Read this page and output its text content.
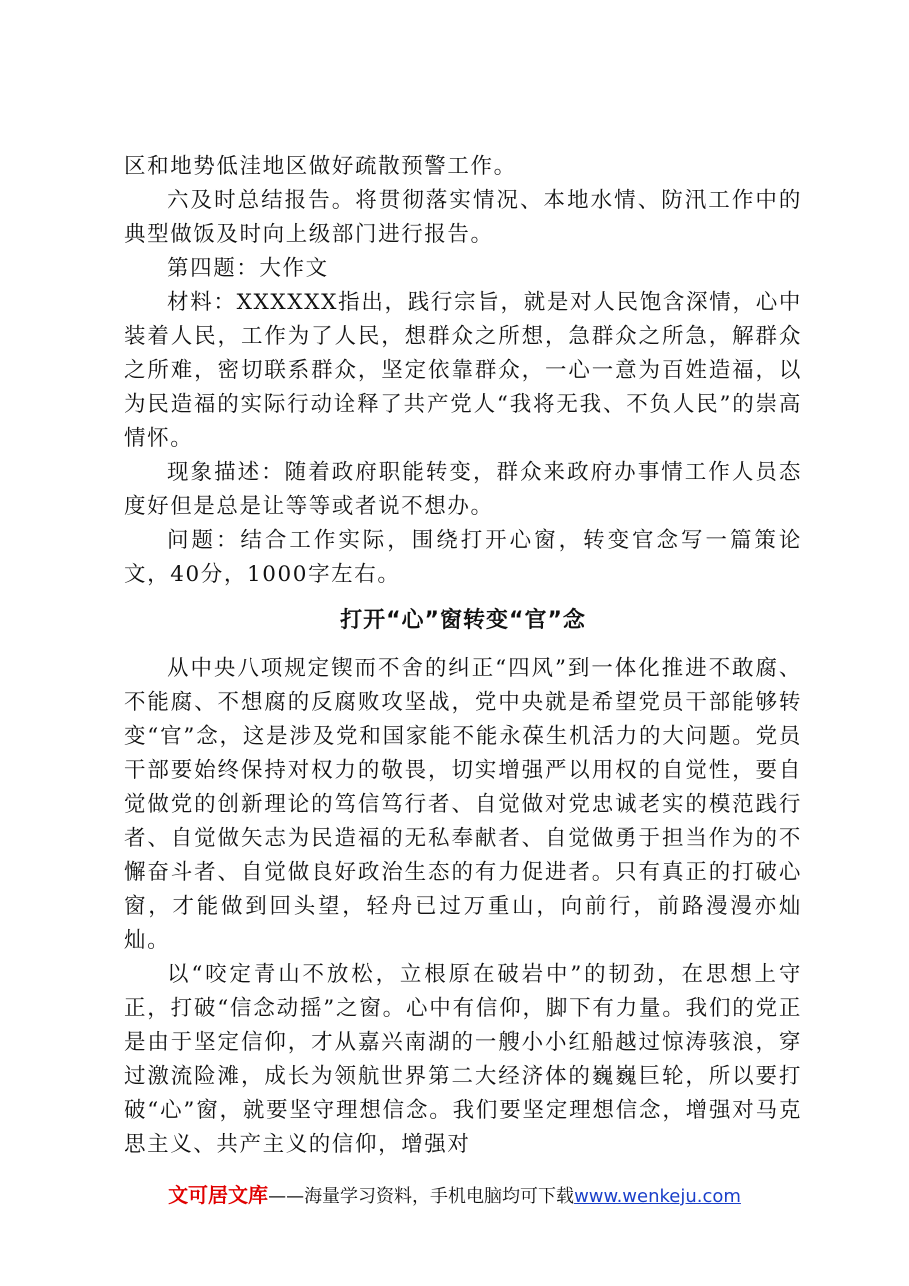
区和地势低洼地区做好疏散预警工作。

六及时总结报告。将贯彻落实情况、本地水情、防汛工作中的典型做饭及时向上级部门进行报告。

第四题：大作文

材料：XXXXXX指出，践行宗旨，就是对人民饱含深情，心中装着人民，工作为了人民，想群众之所想，急群众之所急，解群众之所难，密切联系群众，坚定依靠群众，一心一意为百姓造福，以为民造福的实际行动诠释了共产党人“我将无我、不负人民”的崇高情怀。

现象描述：随着政府职能转变，群众来政府办事情工作人员态度好但是总是让等等或者说不想办。

问题：结合工作实际，围绕打开心窗，转变官念写一篇策论文，40分，1000字左右。

打开“心”窗转变“官”念

从中央八项规定锲而不舍的纠正“四风”到一体化推进不敢腐、不能腐、不想腐的反腐败攻坚战，党中央就是希望党员干部能够转变“官”念，这是涉及党和国家能不能永葆生机活力的大问题。党员干部要始终保持对权力的敬畏，切实增强严以用权的自觉性，要自觉做党的创新理论的笃信笃行者、自觉做对党忠诚老实的模范践行者、自觉做矢志为民造福的无私奉献者、自觉做勇于担当作为的不懈奋斗者、自觉做良好政治生态的有力促进者。只有真正的打破心窗，才能做到回头望，轻舟已过万重山，向前行，前路漫漫亦灿灿。

以“咬定青山不放松，立根原在破岩中”的韧劲，在思想上守正，打破“信念动摇”之窗。心中有信仰，脚下有力量。我们的党正是由于坚定信仰，才从嘉兴南湖的一艘小小红船越过惊涛骇浪，穿过激流险滩，成长为领航世界第二大经济体的巍巍巨轮，所以要打破“心”窗，就要坚守理想信念。我们要坚定理想信念，增强对马克思主义、共产主义的信仰，增强对

文可居文库——海量学习资料，手机电脑均可下载www.wenkeju.com
